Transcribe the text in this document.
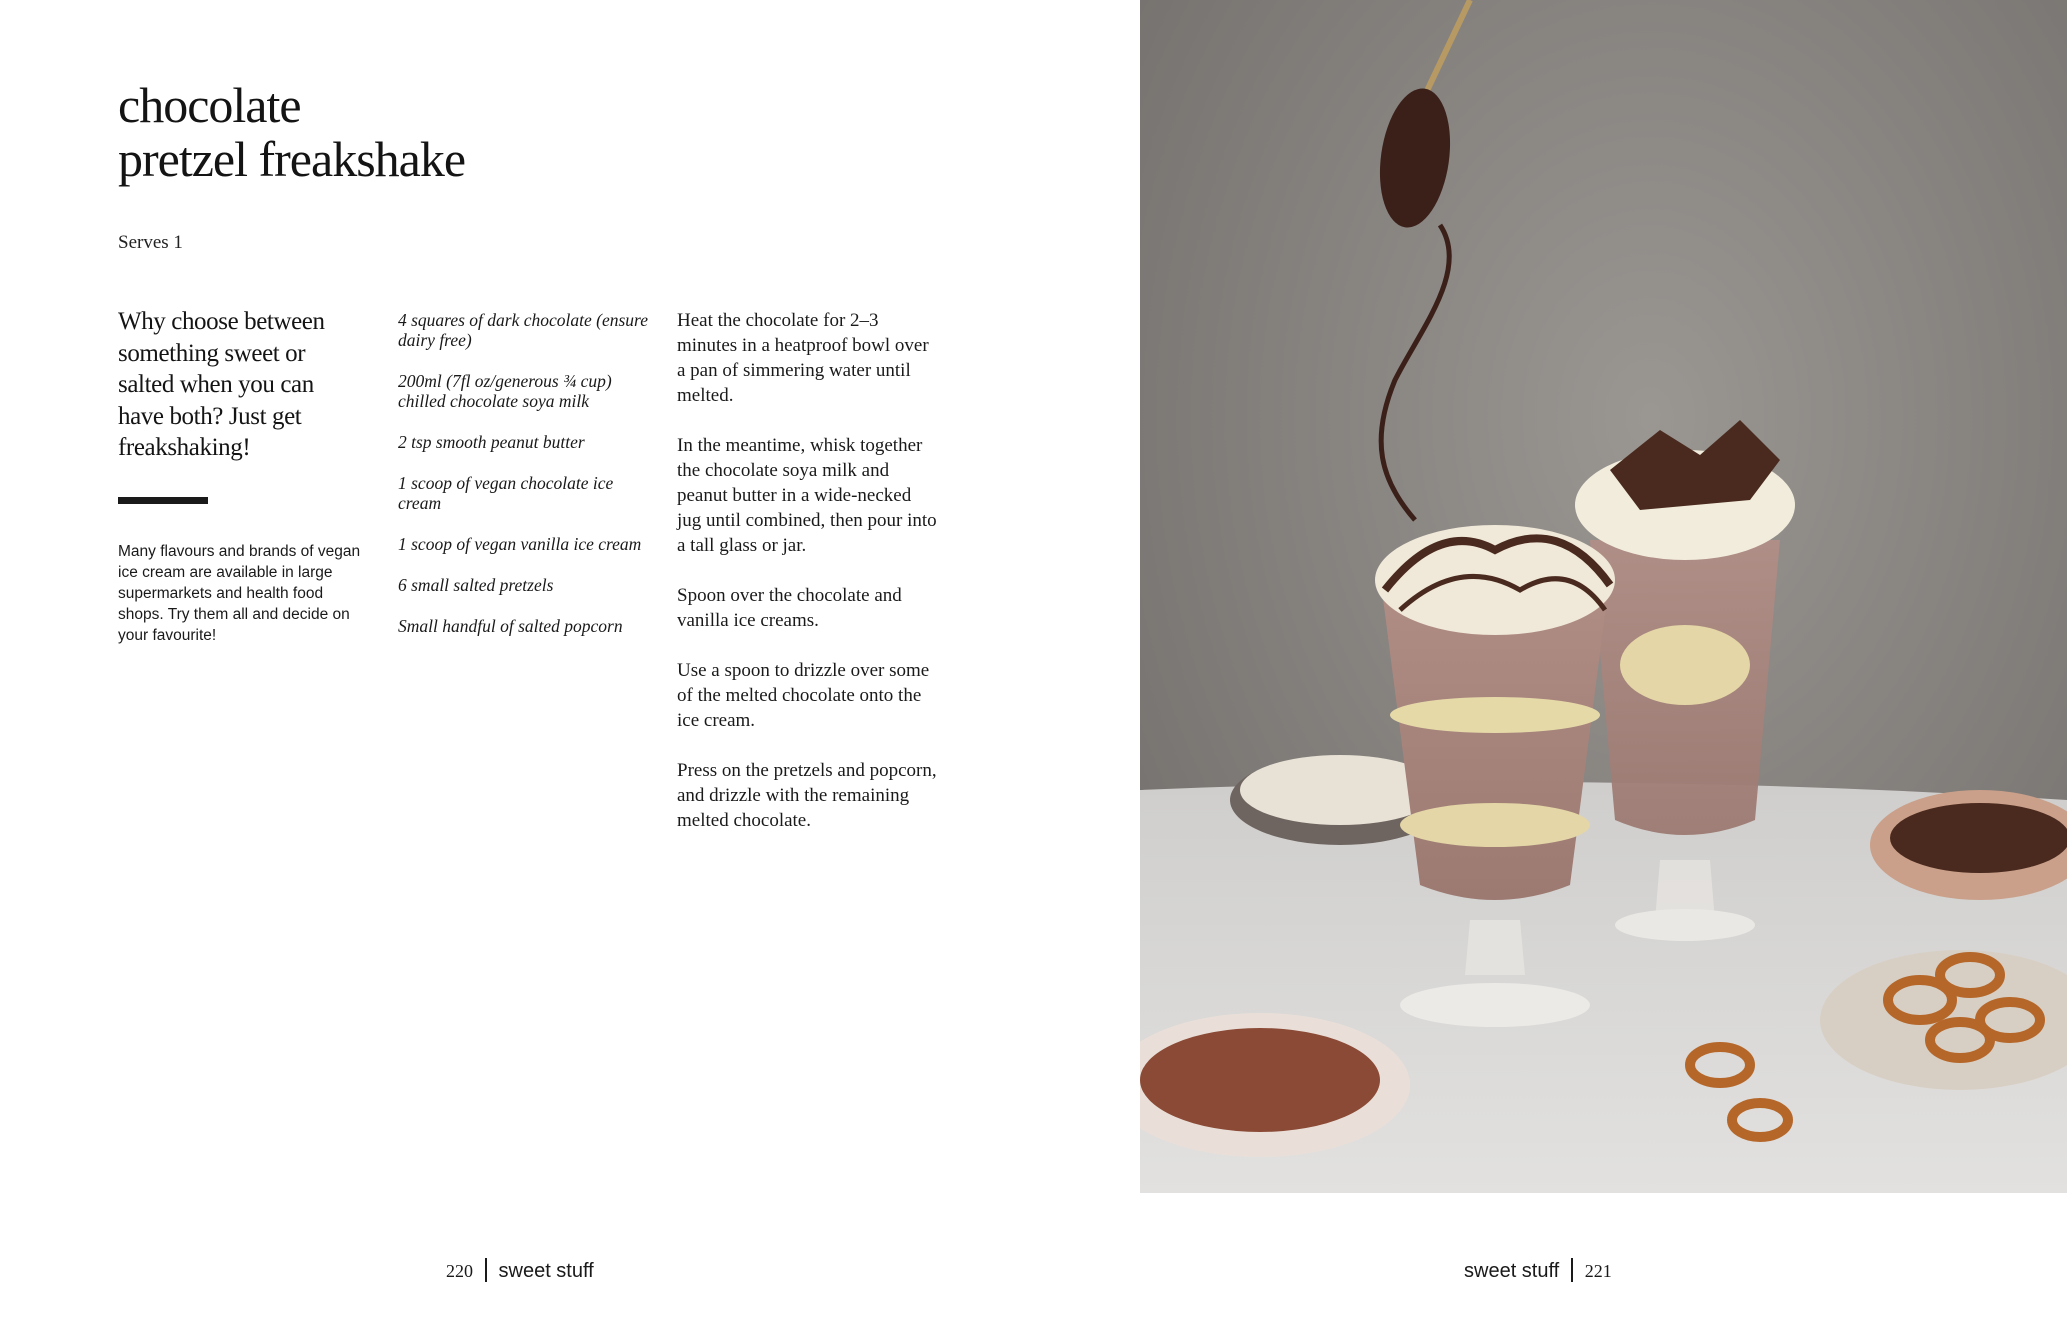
chocolate
pretzel freakshake
Serves 1

Why choose between something sweet or salted when you can have both? Just get freakshaking!

Many flavours and brands of vegan ice cream are available in large supermarkets and health food shops. Try them all and decide on your favourite!

4 squares of dark chocolate (ensure dairy free)
200ml (7fl oz/generous ¾ cup) chilled chocolate soya milk
2 tsp smooth peanut butter
1 scoop of vegan chocolate ice cream
1 scoop of vegan vanilla ice cream
6 small salted pretzels
Small handful of salted popcorn

Heat the chocolate for 2–3 minutes in a heatproof bowl over a pan of simmering water until melted.

In the meantime, whisk together the chocolate soya milk and peanut butter in a wide-necked jug until combined, then pour into a tall glass or jar.

Spoon over the chocolate and vanilla ice creams.

Use a spoon to drizzle over some of the melted chocolate onto the ice cream.

Press on the pretzels and popcorn, and drizzle with the remaining melted chocolate.

220 sweet stuff	sweet stuff 221
